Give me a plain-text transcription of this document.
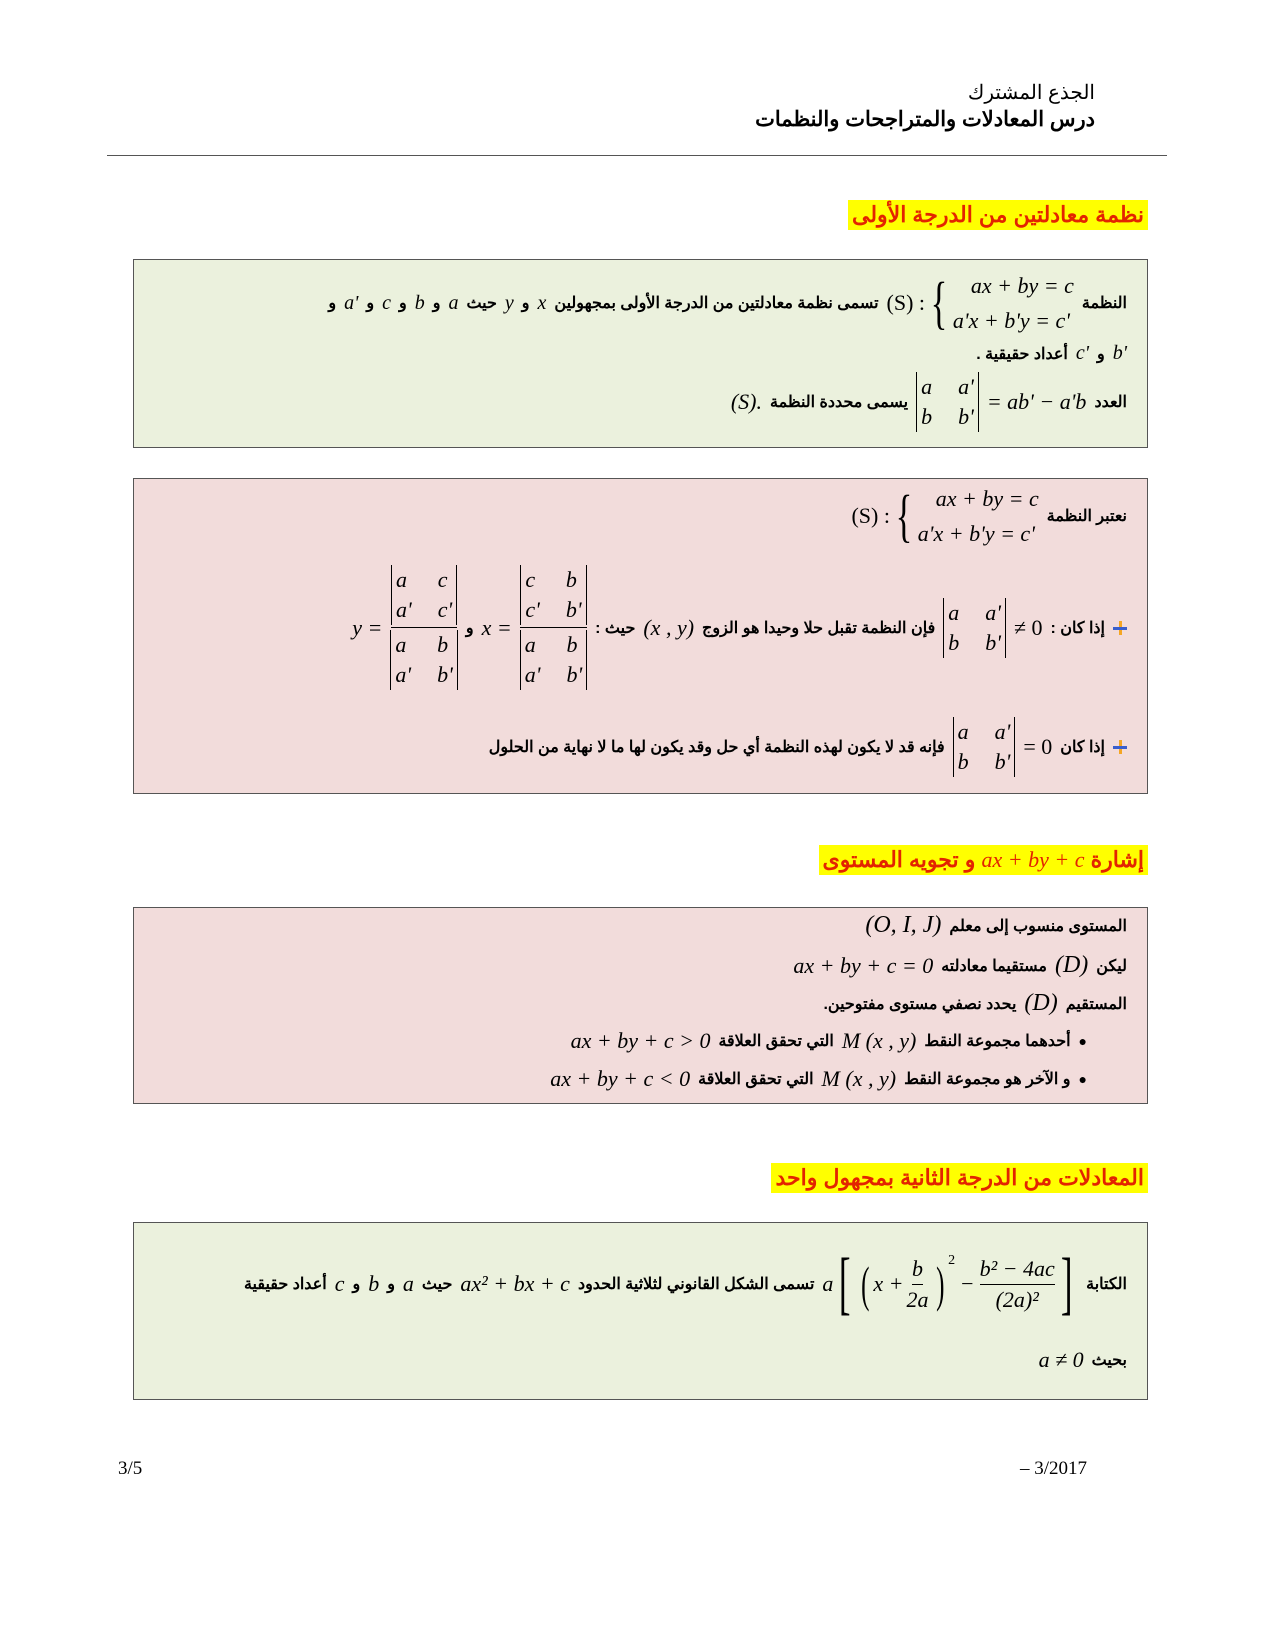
الجذع المشترك
درس المعادلات والمتراجحات والنظمات
نظمة معادلتين من الدرجة الأولى
النظمة
(S) : {	ax + by = c
a'x + b'y = c'
تسمى نظمة معادلتين من الدرجة الأولى بمجهولين
x
و
y
حيث
a
و
b
و
c
و
a'
و
b'
و
c'
أعداد حقيقية .
العدد
= ab' − a'b
a a'
b b'
يسمى محددة النظمة
(S).
نعتبر النظمة
(S) : {	ax + by = c
a'x + b'y = c'
إذا كان :
≠ 0
a a'
b b'
فإن النظمة تقبل حلا وحيدا هو الزوج
(x , y)
حيث :
c b
c' b'
a b
a' b'
x =
و
a c
a' c'
a b
a' b'
y =
إذا كان
= 0
a a'
b b'
فإنه قد لا يكون لهذه النظمة أي حل وقد يكون لها ما لا نهاية من الحلول
إشارة ax + by + c و تجويه المستوى
المستوى منسوب إلى معلم
(O, I, J)
ليكن
(D)
مستقيما معادلته
ax + by + c = 0
المستقيم
(D)
يحدد نصفي مستوى مفتوحين.
●
أحدهما مجموعة النقط
M (x , y)
التي تحقق العلاقة
ax + by + c > 0
●
و الآخر هو مجموعة النقط
M (x , y)
التي تحقق العلاقة
ax + by + c < 0
المعادلات من الدرجة الثانية بمجهول واحد
الكتابة
a [ ( $x + \frac{b}{2a}$ ) 2
− $\frac{\text{b² − 4ac}}{\text{(2a)²}}$ ]
تسمى الشكل القانوني لثلاثية الحدود
ax² + bx + c
حيث
a
و
b
و
c
أعداد حقيقية
بحيث
a ≠ 0
3/5	– 3/2017
